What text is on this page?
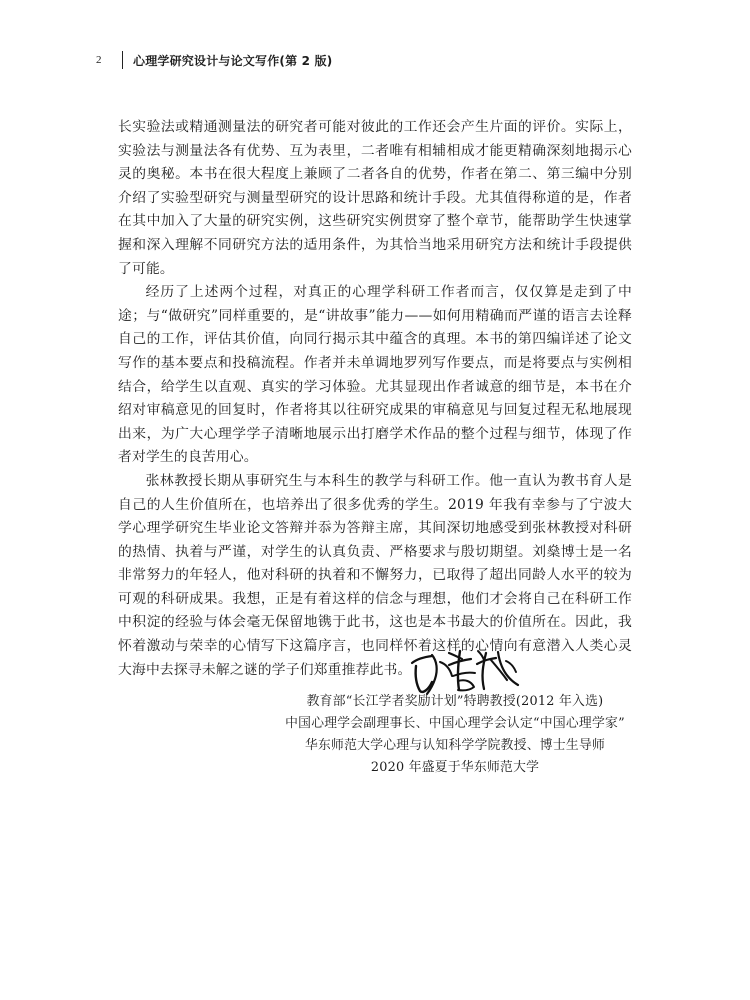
2	心理学研究设计与论文写作(第 2 版)

长实验法或精通测量法的研究者可能对彼此的工作还会产生片面的评价。实际上，实验法与测量法各有优势、互为表里，二者唯有相辅相成才能更精确深刻地揭示心灵的奥秘。本书在很大程度上兼顾了二者各自的优势，作者在第二、第三编中分别介绍了实验型研究与测量型研究的设计思路和统计手段。尤其值得称道的是，作者在其中加入了大量的研究实例，这些研究实例贯穿了整个章节，能帮助学生快速掌握和深入理解不同研究方法的适用条件，为其恰当地采用研究方法和统计手段提供了可能。

经历了上述两个过程，对真正的心理学科研工作者而言，仅仅算是走到了中途；与“做研究”同样重要的，是“讲故事”能力——如何用精确而严谨的语言去诠释自己的工作，评估其价值，向同行揭示其中蕴含的真理。本书的第四编详述了论文写作的基本要点和投稿流程。作者并未单调地罗列写作要点，而是将要点与实例相结合，给学生以直观、真实的学习体验。尤其显现出作者诚意的细节是，本书在介绍对审稿意见的回复时，作者将其以往研究成果的审稿意见与回复过程无私地展现出来，为广大心理学学子清晰地展示出打磨学术作品的整个过程与细节，体现了作者对学生的良苦用心。

张林教授长期从事研究生与本科生的教学与科研工作。他一直认为教书育人是自己的人生价值所在，也培养出了很多优秀的学生。2019 年我有幸参与了宁波大学心理学研究生毕业论文答辩并忝为答辩主席，其间深切地感受到张林教授对科研的热情、执着与严谨，对学生的认真负责、严格要求与殷切期望。刘燊博士是一名非常努力的年轻人，他对科研的执着和不懈努力，已取得了超出同龄人水平的较为可观的科研成果。我想，正是有着这样的信念与理想，他们才会将自己在科研工作中积淀的经验与体会毫无保留地镌于此书，这也是本书最大的价值所在。因此，我怀着激动与荣幸的心情写下这篇序言，也同样怀着这样的心情向有意潜入人类心灵大海中去探寻未解之谜的学子们郑重推荐此书。

教育部“长江学者奖励计划”特聘教授(2012 年入选)
中国心理学会副理事长、中国心理学会认定“中国心理学家”
华东师范大学心理与认知科学学院教授、博士生导师
2020 年盛夏于华东师范大学
